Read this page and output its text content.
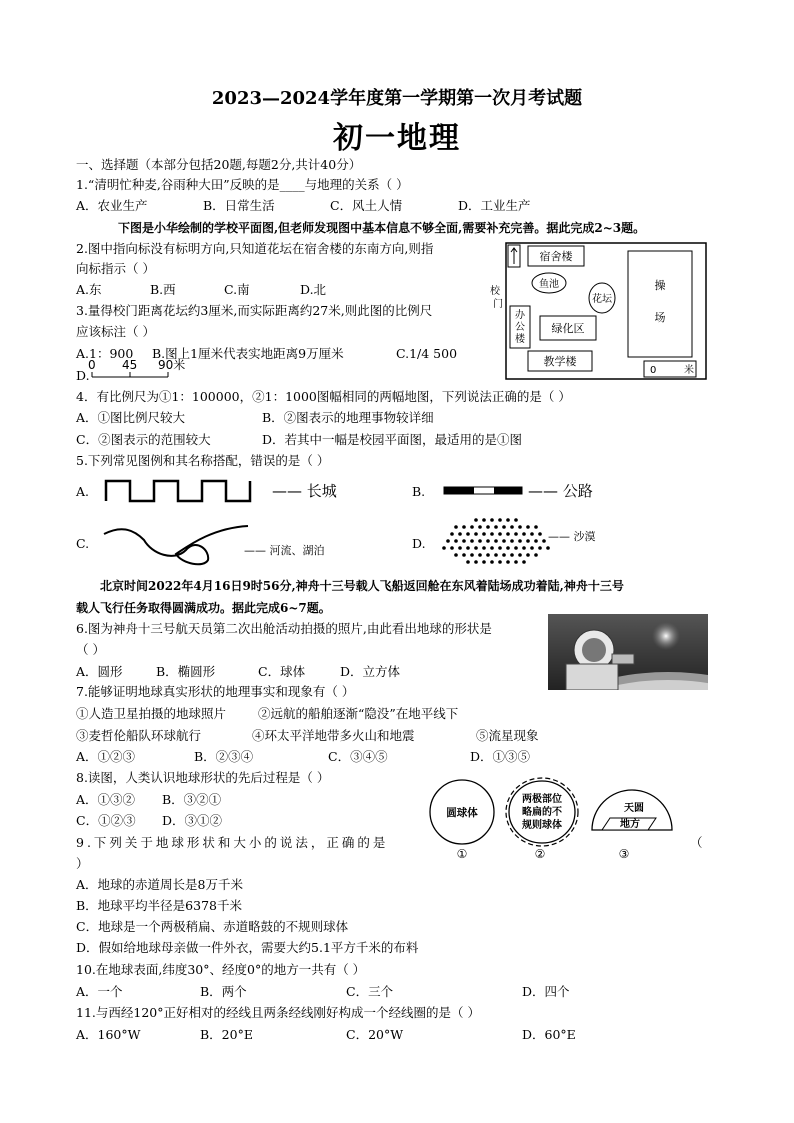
2023—2024学年度第一学期第一次月考试题
初一地理
一、选择题（本部分包括20题,每题2分,共计40分）
1.“清明忙种麦,谷雨种大田”反映的是____与地理的关系（ ）
A．农业生产	B．日常生活	C．风土人情	D．工业生产
下图是小华绘制的学校平面图,但老师发现图中基本信息不够全面,需要补充完善。据此完成2~3题。
2.图中指向标没有标明方向,只知道花坛在宿舍楼的东南方向,则指
向标指示（ ）
A.东	B.西	C.南	D.北
3.量得校门距离花坛约3厘米,而实际距离约27米,则此图的比例尺
应该标注（ ）
A.1：900 B.图上1厘米代表实地距离9万厘米	C.1/4 500
D.
0 45 90米
宿舍楼
鱼池
花坛
校
门
办
公
楼
绿化区
教学楼
操
场
0	米
4．有比例尺为①1：100000，②1：1000图幅相同的两幅地图，下列说法正确的是（ ）
A．①图比例尺较大	B．②图表示的地理事物较详细
C．②图表示的范围较大	D．若其中一幅是校园平面图，最适用的是①图
5.下列常见图例和其名称搭配，错误的是（ ）
A.	—— 长城	B.	—— 公路
C.	—— 河流、湖泊	D.	—— 沙漠
北京时间2022年4月16日9时56分,神舟十三号载人飞船返回舱在东风着陆场成功着陆,神舟十三号
载人飞行任务取得圆满成功。据此完成6~7题。
6.图为神舟十三号航天员第二次出舱活动拍摄的照片,由此看出地球的形状是
（ ）
A．圆形	B．椭圆形	C．球体	D．立方体
7.能够证明地球真实形状的地理事实和现象有（ ）
①人造卫星拍摄的地球照片	②远航的船舶逐渐“隐没”在地平线下
③麦哲伦船队环球航行	④环太平洋地带多火山和地震	⑤流星现象
A．①②③	B．②③④	C．③④⑤	D．①③⑤
8.读图，人类认识地球形状的先后过程是（ ）
A．①③② B．③②①
C．①②③ D．③①②	圆球体
①
两极部位
略扁的不
规则球体
②
天圆
地方
③
9.下列关于地球形状和大小的说法，正确的是	（
）
A．地球的赤道周长是8万千米
B．地球平均半径是6378千米
C．地球是一个两极稍扁、赤道略鼓的不规则球体
D．假如给地球母亲做一件外衣，需要大约5.1平方千米的布料
10.在地球表面,纬度30°、经度0°的地方一共有（ ）
A．一个	B．两个	C．三个	D．四个
11.与西经120°正好相对的经线且两条经线刚好构成一个经线圈的是（ ）
A．160°W	B．20°E	C．20°W	D．60°E
